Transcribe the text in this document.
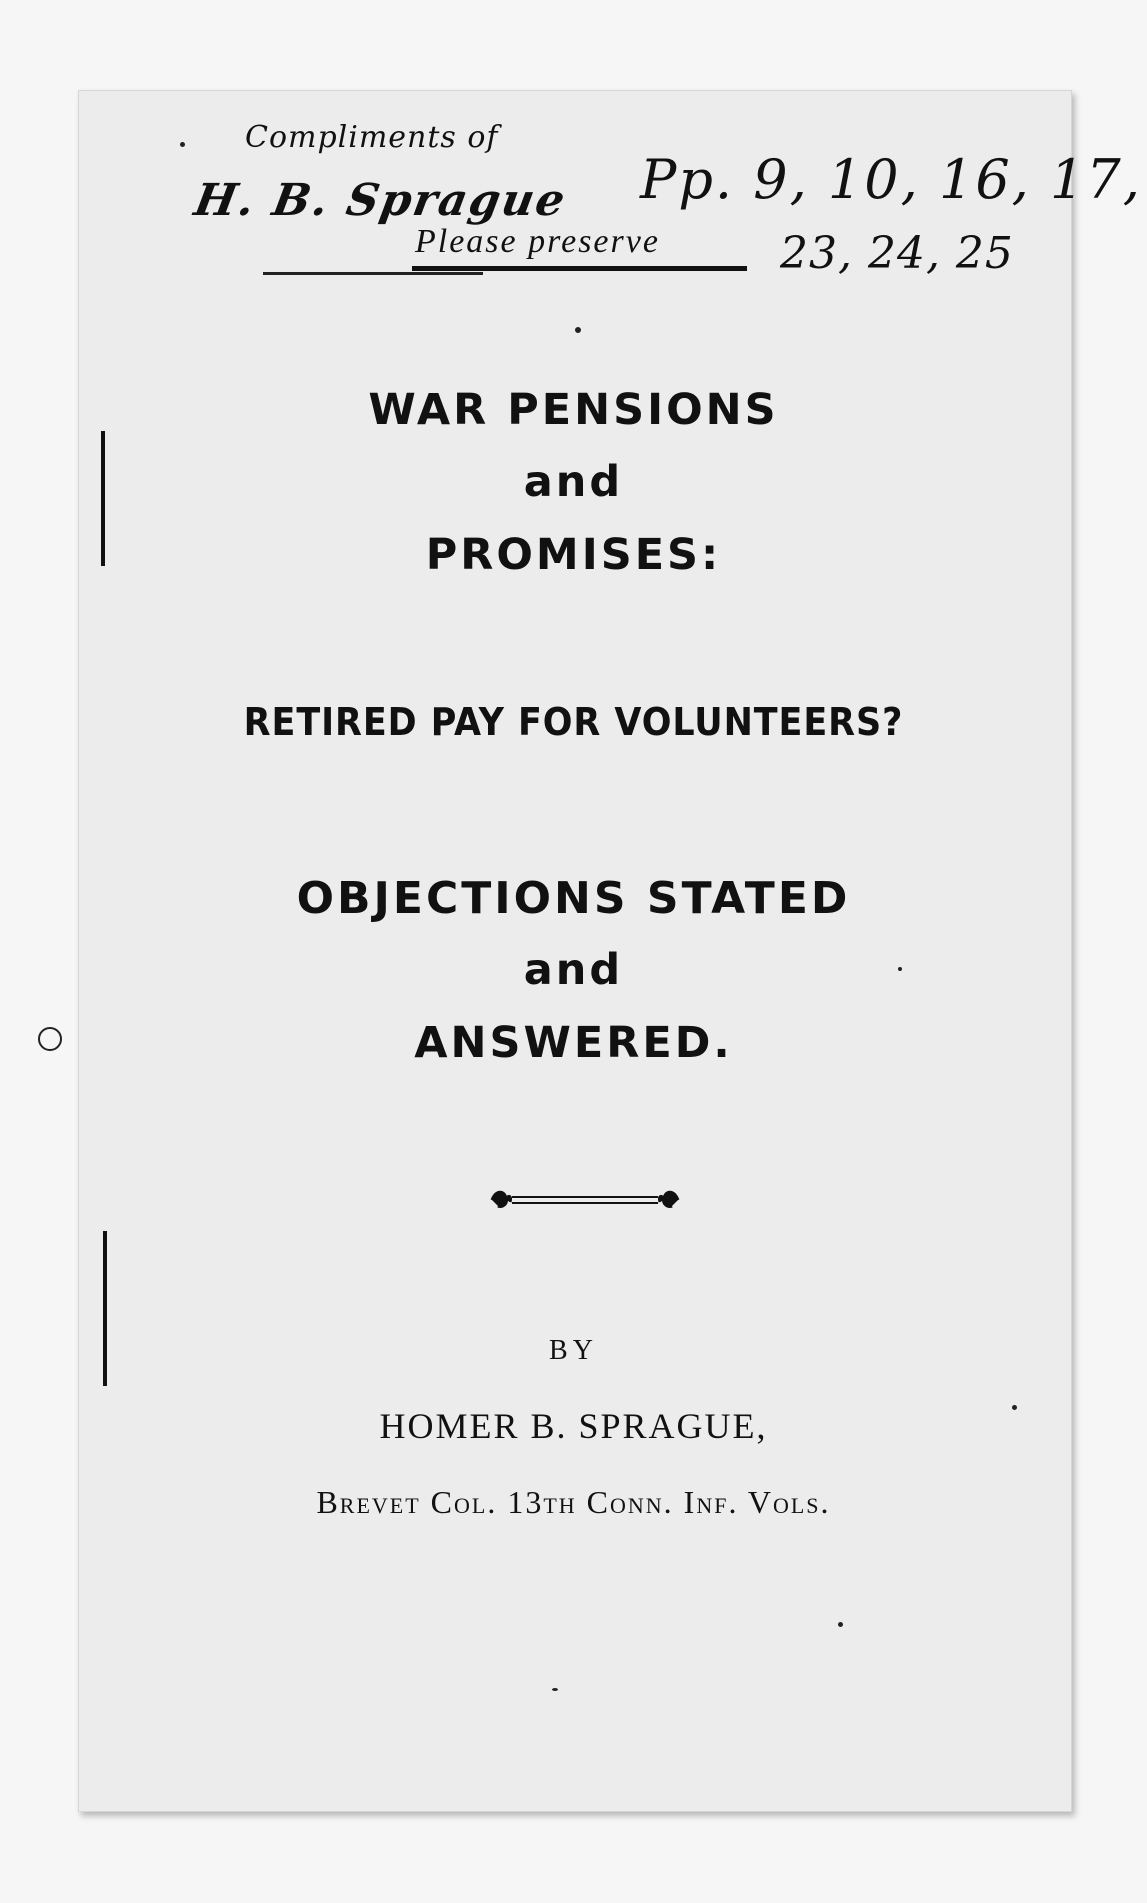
Compliments of
H. B. Sprague
Please preserve
Pp. 9, 10, 16, 17,
23, 24, 25
WAR PENSIONS
and
PROMISES:
RETIRED PAY FOR VOLUNTEERS?
OBJECTIONS STATED
and
ANSWERED.
BY
HOMER B. SPRAGUE,
Brevet Col. 13th Conn. Inf. Vols.
